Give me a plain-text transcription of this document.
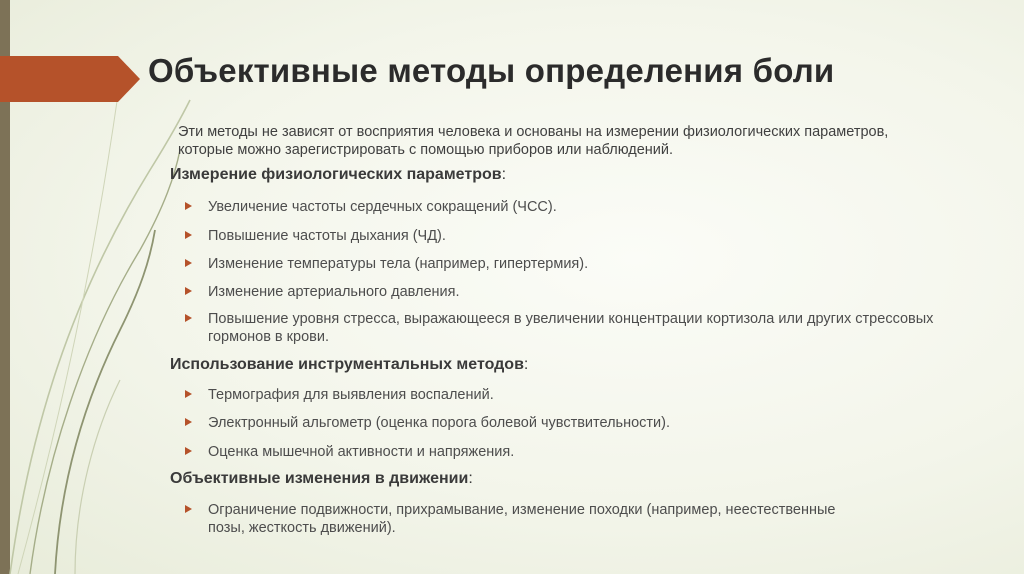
Объективные методы определения боли
Эти методы не зависят от восприятия человека и основаны на измерении физиологических параметров, которые можно зарегистрировать с помощью приборов или наблюдений.
Измерение физиологических параметров:
Увеличение частоты сердечных сокращений (ЧСС).
Повышение частоты дыхания (ЧД).
Изменение температуры тела (например, гипертермия).
Изменение артериального давления.
Повышение уровня стресса, выражающееся в увеличении концентрации кортизола или других стрессовых гормонов в крови.
Использование инструментальных методов:
Термография для выявления воспалений.
Электронный альгометр (оценка порога болевой чувствительности).
Оценка мышечной активности и напряжения.
Объективные изменения в движении:
Ограничение подвижности, прихрамывание, изменение походки (например, неестественные позы, жесткость движений).
